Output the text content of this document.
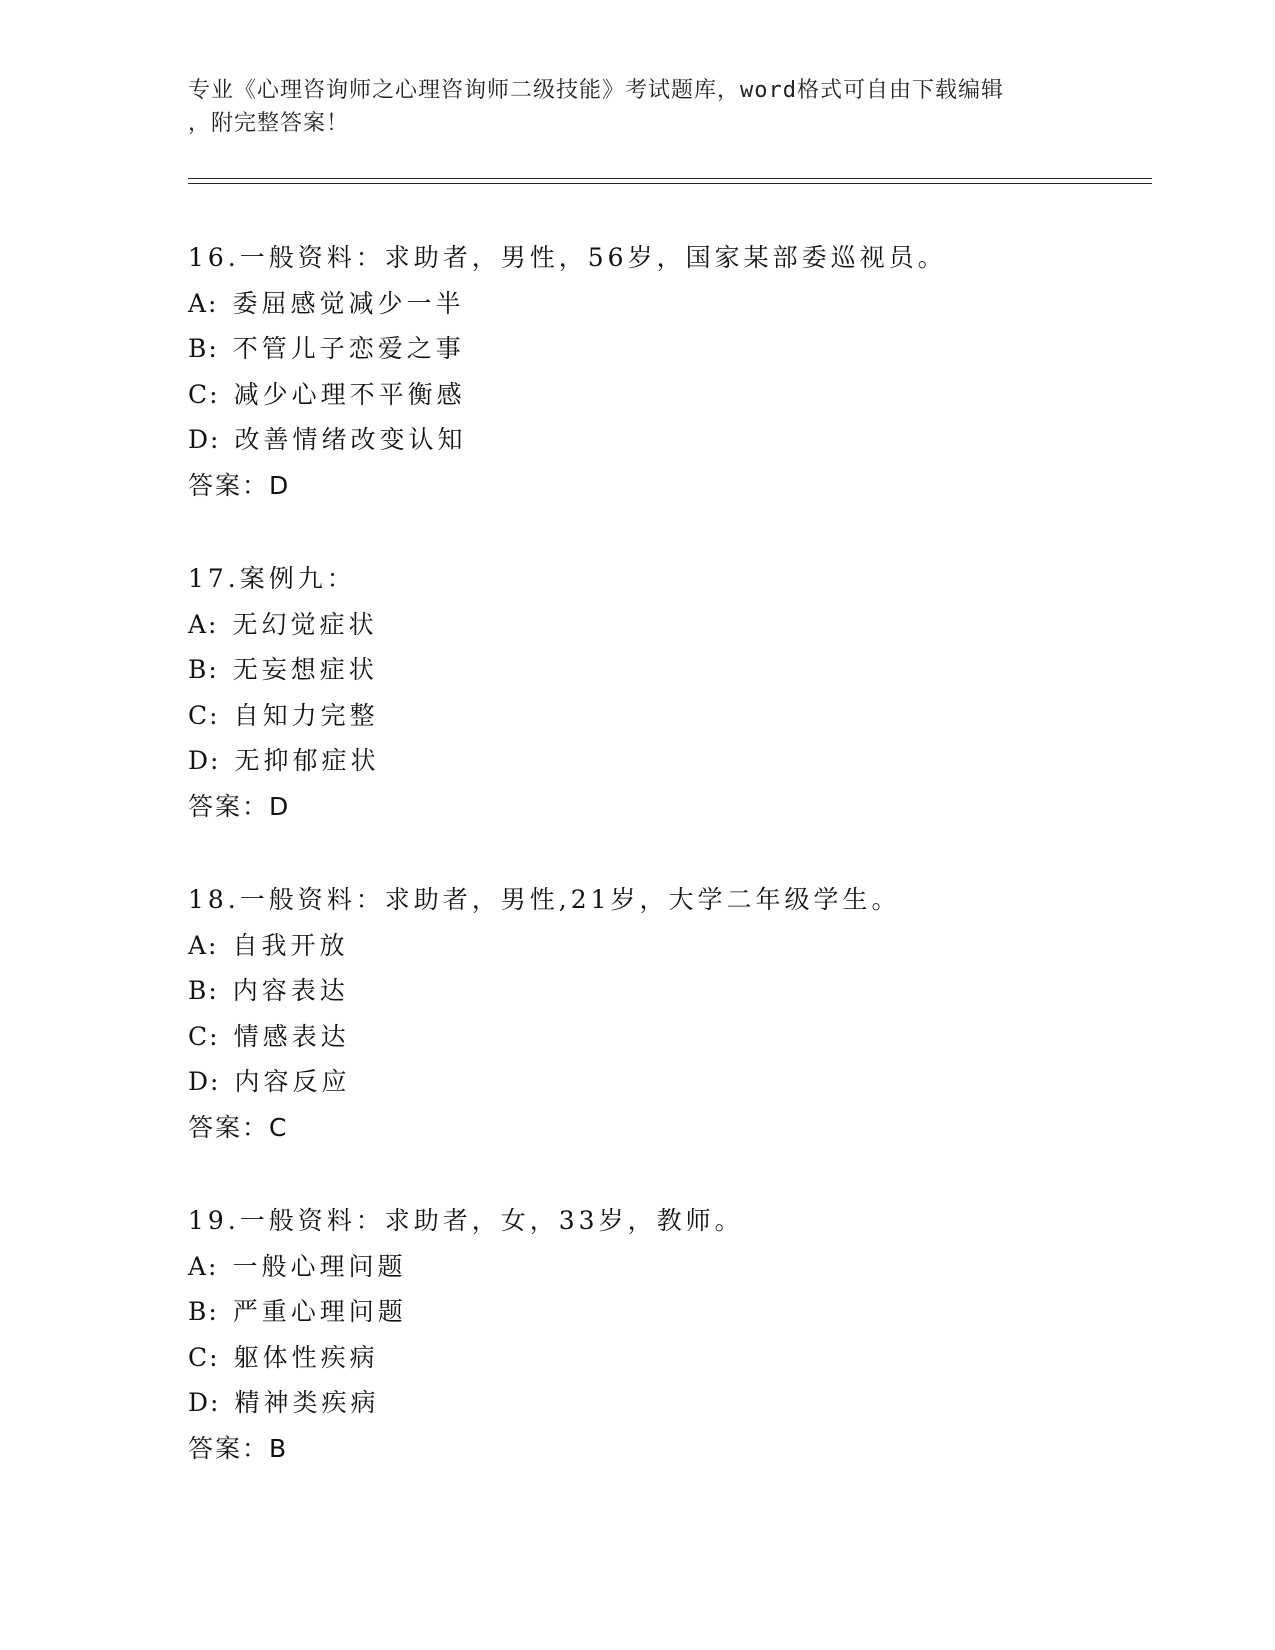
专业《心理咨询师之心理咨询师二级技能》考试题库，word格式可自由下载编辑
，附完整答案！
16.一般资料：求助者，男性，56岁，国家某部委巡视员。
A: 委屈感觉减少一半
B: 不管儿子恋爱之事
C: 减少心理不平衡感
D: 改善情绪改变认知
答案：D
17.案例九：
A: 无幻觉症状
B: 无妄想症状
C: 自知力完整
D: 无抑郁症状
答案：D
18.一般资料：求助者，男性,21岁，大学二年级学生。
A: 自我开放
B: 内容表达
C: 情感表达
D: 内容反应
答案：C
19.一般资料：求助者，女，33岁，教师。
A: 一般心理问题
B: 严重心理问题
C: 躯体性疾病
D: 精神类疾病
答案：B
